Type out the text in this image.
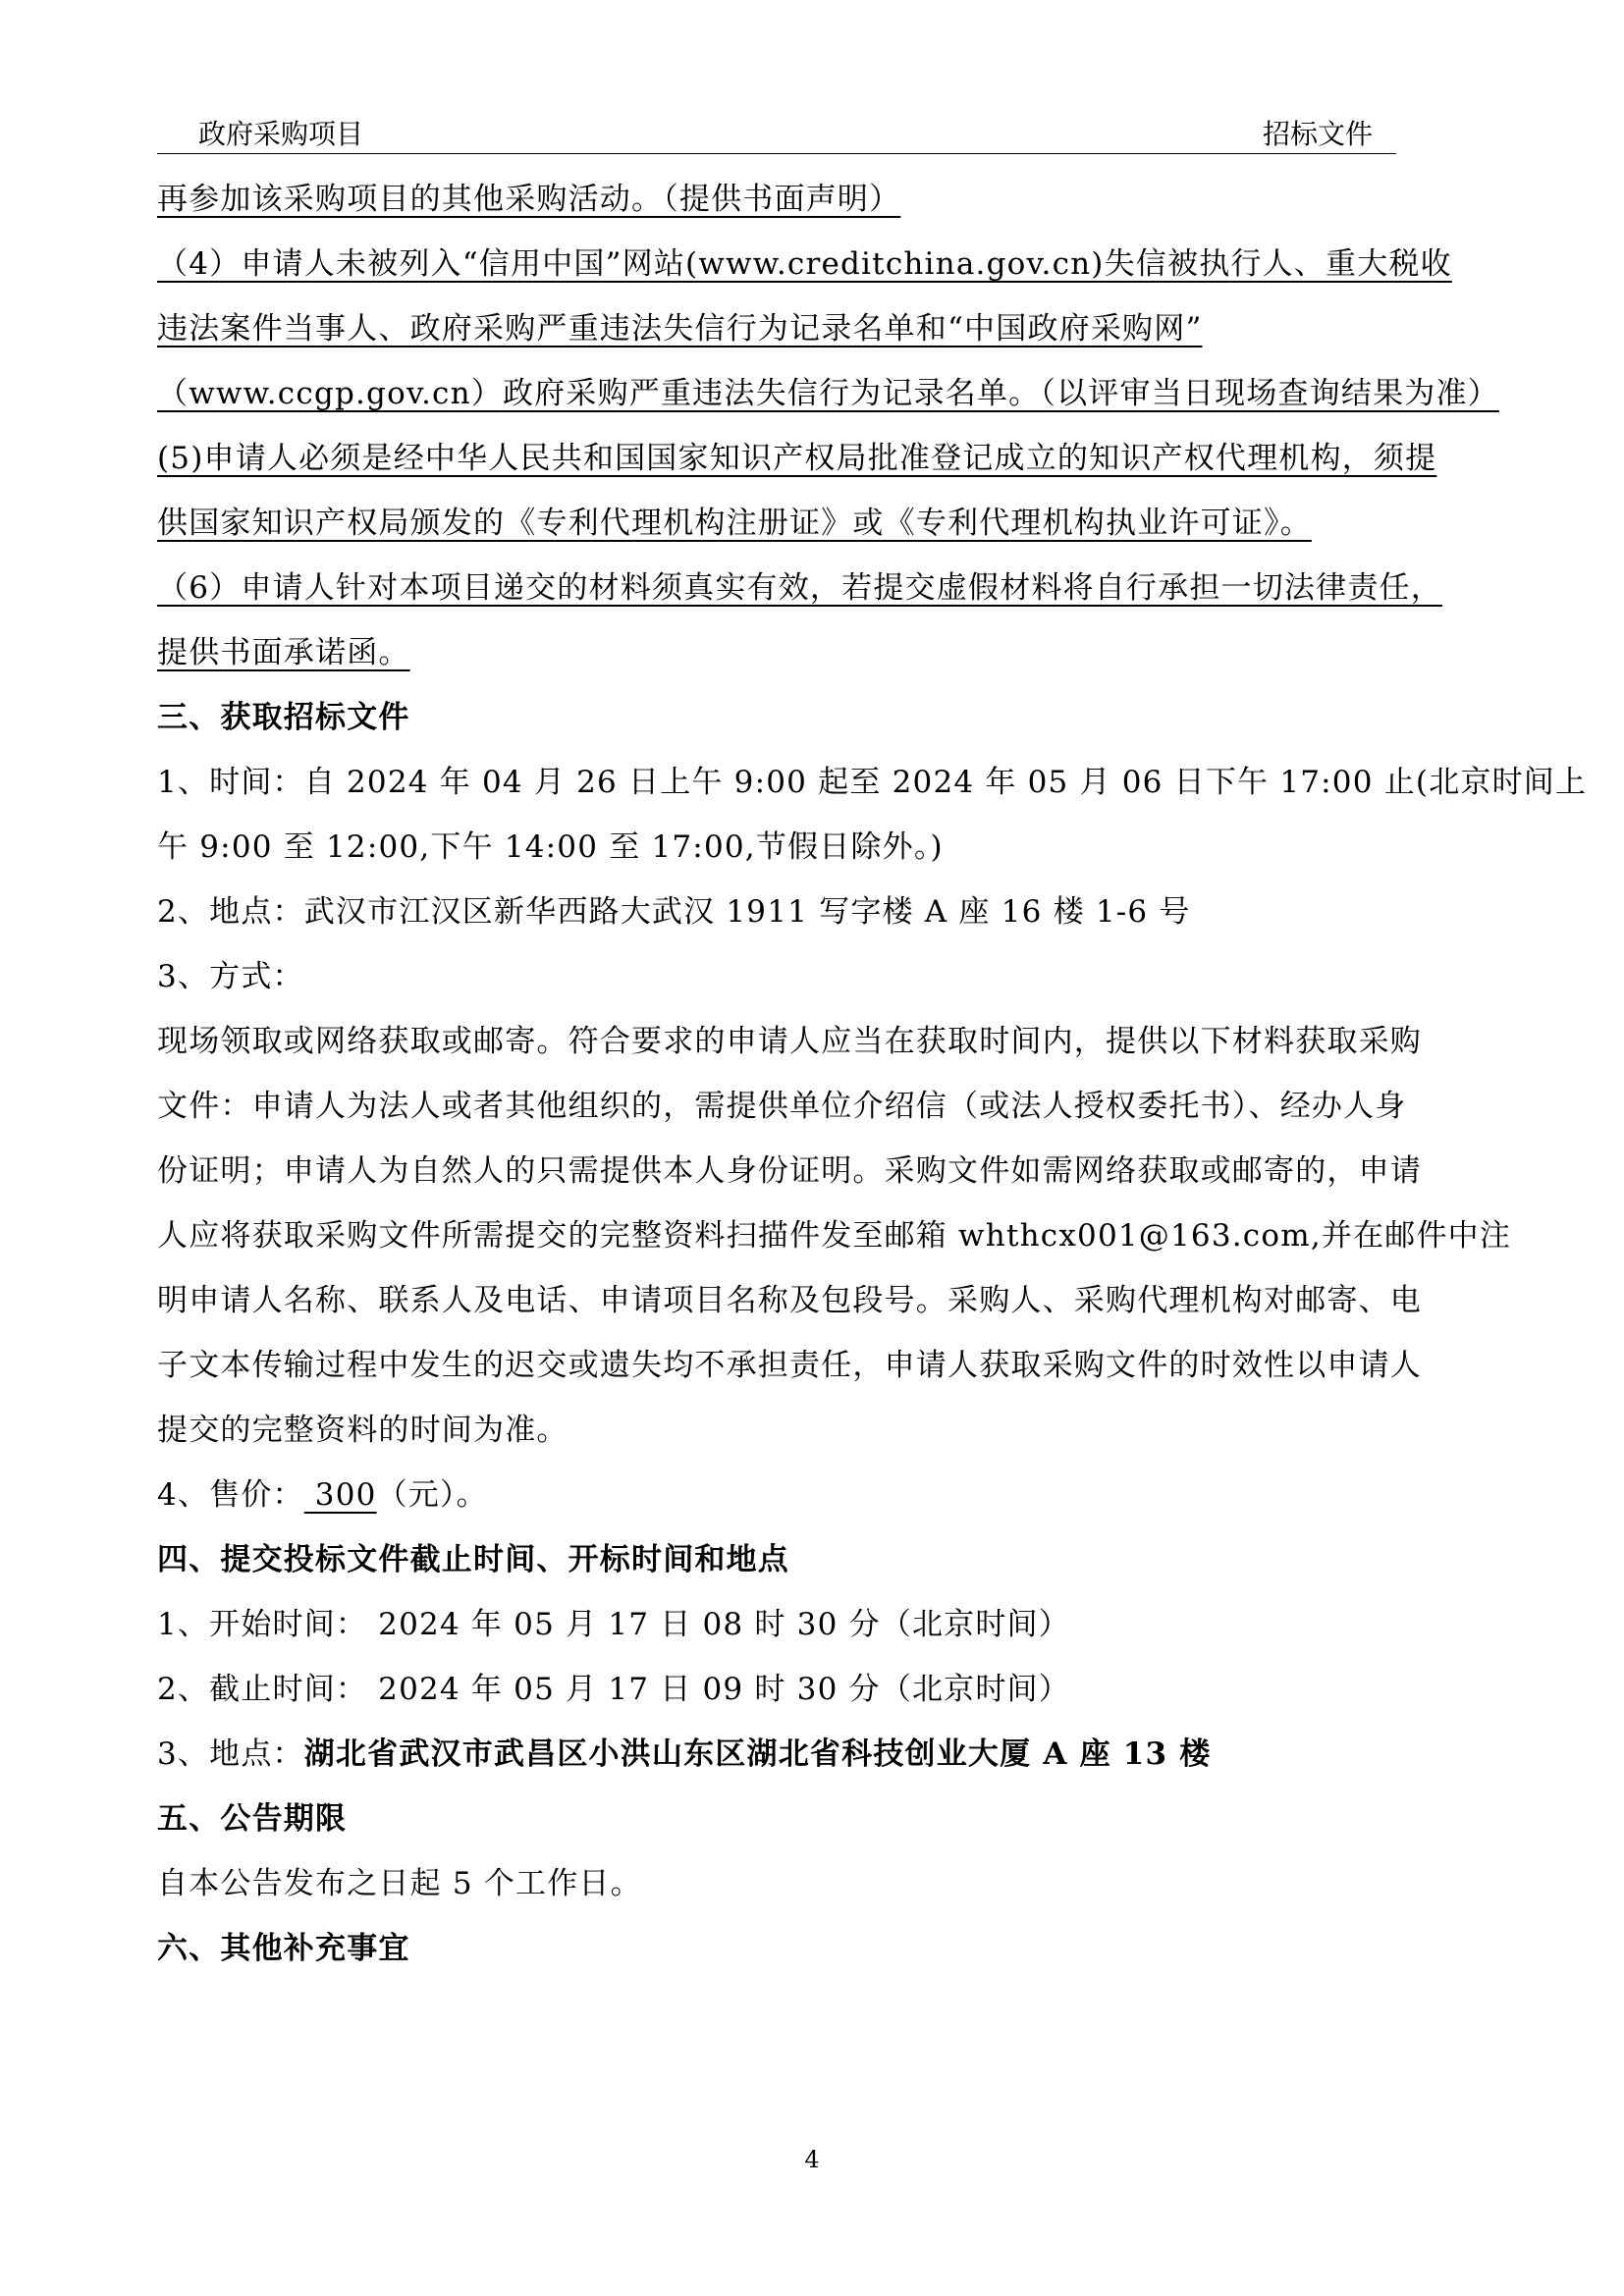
政府采购项目	招标文件
再参加该采购项目的其他采购活动。（提供书面声明）
（4）申请人未被列入“信用中国”网站(www.creditchina.gov.cn)失信被执行人、重大税收
违法案件当事人、政府采购严重违法失信行为记录名单和“中国政府采购网”
（www.ccgp.gov.cn）政府采购严重违法失信行为记录名单。（以评审当日现场查询结果为准）
(5)申请人必须是经中华人民共和国国家知识产权局批准登记成立的知识产权代理机构，须提
供国家知识产权局颁发的《专利代理机构注册证》或《专利代理机构执业许可证》。
（6）申请人针对本项目递交的材料须真实有效，若提交虚假材料将自行承担一切法律责任，
提供书面承诺函。
三、获取招标文件
1、时间：自 2024 年 04 月 26 日上午 9:00 起至 2024 年 05 月 06 日下午 17:00 止(北京时间上
午 9:00 至 12:00,下午 14:00 至 17:00,节假日除外。)
2、地点：武汉市江汉区新华西路大武汉 1911 写字楼 A 座 16 楼 1-6 号
3、方式：
现场领取或网络获取或邮寄。符合要求的申请人应当在获取时间内，提供以下材料获取采购
文件：申请人为法人或者其他组织的，需提供单位介绍信（或法人授权委托书）、经办人身
份证明；申请人为自然人的只需提供本人身份证明。采购文件如需网络获取或邮寄的，申请
人应将获取采购文件所需提交的完整资料扫描件发至邮箱 whthcx001@163.com,并在邮件中注
明申请人名称、联系人及电话、申请项目名称及包段号。采购人、采购代理机构对邮寄、电
子文本传输过程中发生的迟交或遗失均不承担责任，申请人获取采购文件的时效性以申请人
提交的完整资料的时间为准。
4、售价： 300（元）。
四、提交投标文件截止时间、开标时间和地点
1、开始时间： 2024 年 05 月 17 日 08 时 30 分（北京时间）
2、截止时间： 2024 年 05 月 17 日 09 时 30 分（北京时间）
3、地点：湖北省武汉市武昌区小洪山东区湖北省科技创业大厦 A 座 13 楼
五、公告期限
自本公告发布之日起 5 个工作日。
六、其他补充事宜
4
